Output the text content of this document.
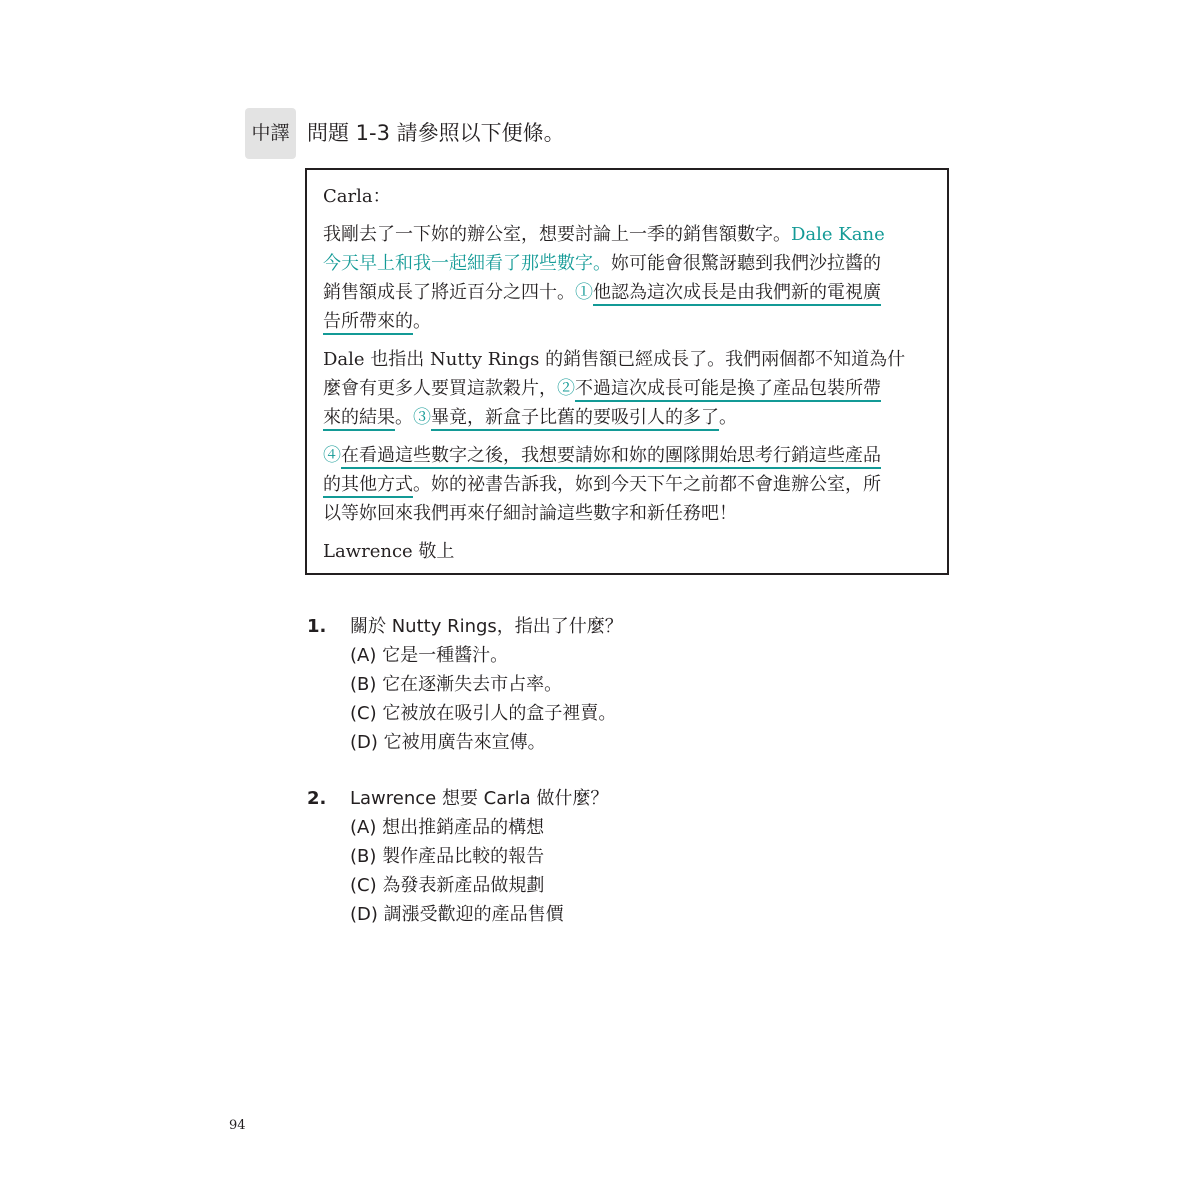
中譯 問題 1-3 請參照以下便條。
Carla：
我剛去了一下妳的辦公室，想要討論上一季的銷售額數字。Dale Kane
今天早上和我一起細看了那些數字。妳可能會很驚訝聽到我們沙拉醬的
銷售額成長了將近百分之四十。①他認為這次成長是由我們新的電視廣
告所帶來的。
Dale 也指出 Nutty Rings 的銷售額已經成長了。我們兩個都不知道為什
麼會有更多人要買這款穀片，②不過這次成長可能是換了產品包裝所帶
來的結果。③畢竟，新盒子比舊的要吸引人的多了。
④在看過這些數字之後，我想要請妳和妳的團隊開始思考行銷這些產品
的其他方式。妳的祕書告訴我，妳到今天下午之前都不會進辦公室，所
以等妳回來我們再來仔細討論這些數字和新任務吧！
Lawrence 敬上
1. 關於 Nutty Rings，指出了什麼？
(A) 它是一種醬汁。
(B) 它在逐漸失去市占率。
(C) 它被放在吸引人的盒子裡賣。
(D) 它被用廣告來宣傳。
2. Lawrence 想要 Carla 做什麼？
(A) 想出推銷產品的構想
(B) 製作產品比較的報告
(C) 為發表新產品做規劃
(D) 調漲受歡迎的產品售價
94
